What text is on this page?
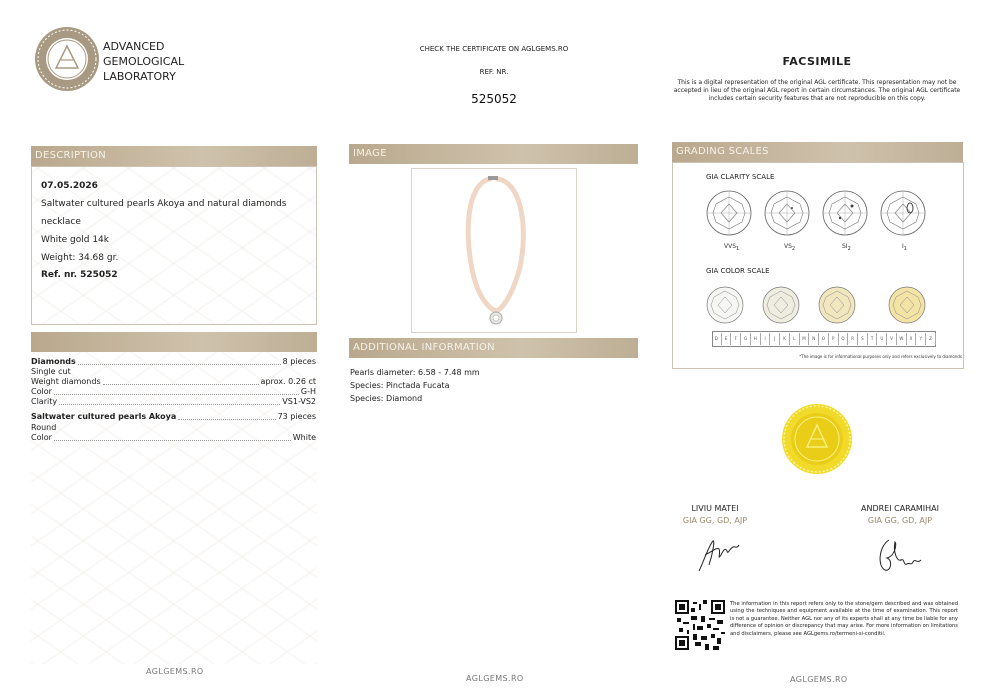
ADVANCED
GEMOLOGICAL
LABORATORY
CHECK THE CERTIFICATE ON AGLGEMS.RO
REF. NR.
525052
FACSIMILE
This is a digital representation of the original AGL certificate. This representation may not be accepted in lieu of the original AGL report in certain circumstances. The original AGL certificate includes certain security features that are not reproducible on this copy.
DESCRIPTION
07.05.2026
Saltwater cultured pearls Akoya and natural diamonds
necklace
White gold 14k
Weight: 34.68 gr.
Ref. nr. 525052
Diamonds	8 pieces
Single cut
Weight diamonds	aprox. 0.26 ct
Color	G-H
Clarity	VS1-VS2
Saltwater cultured pearls Akoya	73 pieces
Round
Color	White
AGLGEMS.RO
IMAGE
ADDITIONAL INFORMATION
Pearls diameter: 6.58 - 7.48 mm
Species: Pinctada Fucata
Species: Diamond
AGLGEMS.RO
GRADING SCALES
GIA CLARITY SCALE
$VVS_1$	$VS_2$	$SI_2$	$I_1$
GIA COLOR SCALE
D	E	F	G	H	I	J	K	L	M	N	O	P	Q	R	S	T	U	V	W	X	Y	Z
*The image is for informational purposes only and refers exclusively to diamonds
LIVIU MATEI
GIA GG, GD, AJP
ANDREI CARAMIHAI
GIA GG, GD, AJP
The information in this report refers only to the stone/gem described and was obtained using the techniques and equipment available at the time of examination. This report is not a guarantee. Neither AGL nor any of its experts shall at any time be liable for any difference of opinion or discrepancy that may arise. For more information on limitations and disclaimers, please see AGLgems.ro/termeni-si-conditii.
AGLGEMS.RO
